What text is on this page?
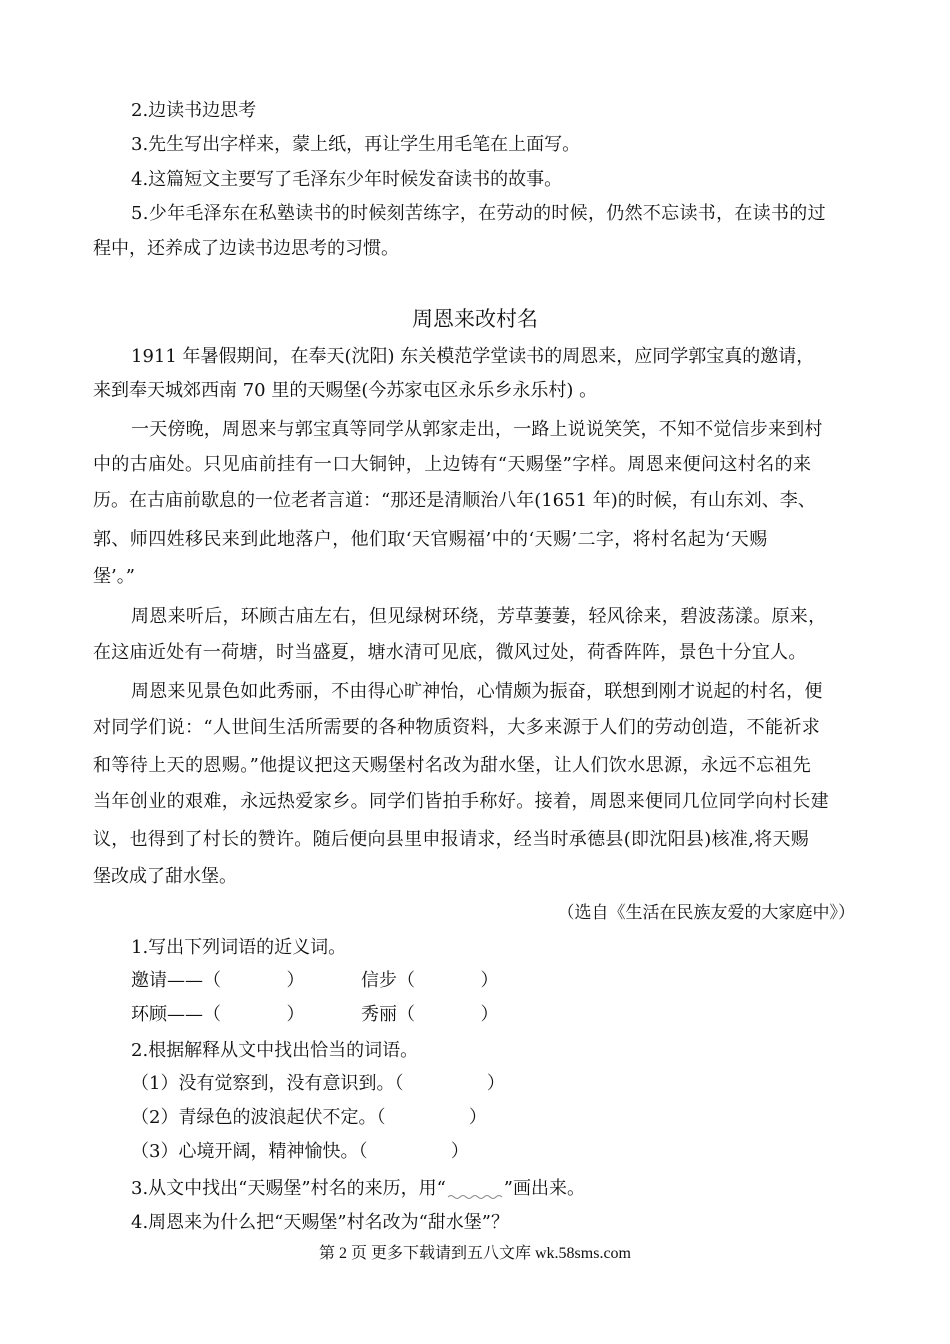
2.边读书边思考
3.先生写出字样来，蒙上纸，再让学生用毛笔在上面写。
4.这篇短文主要写了毛泽东少年时候发奋读书的故事。
5.少年毛泽东在私塾读书的时候刻苦练字，在劳动的时候，仍然不忘读书，在读书的过
程中，还养成了边读书边思考的习惯。
周恩来改村名
1911 年暑假期间，在奉天(沈阳) 东关模范学堂读书的周恩来，应同学郭宝真的邀请，
来到奉天城郊西南 70 里的天赐堡(今苏家屯区永乐乡永乐村) 。
一天傍晚，周恩来与郭宝真等同学从郭家走出，一路上说说笑笑，不知不觉信步来到村
中的古庙处。只见庙前挂有一口大铜钟，上边铸有“天赐堡”字样。周恩来便问这村名的来
历。在古庙前歇息的一位老者言道：“那还是清顺治八年(1651 年)的时候，有山东刘、李、
郭、师四姓移民来到此地落户，他们取‘天官赐福’中的‘天赐’二字，将村名起为‘天赐
堡’。”
周恩来听后，环顾古庙左右，但见绿树环绕，芳草萋萋，轻风徐来，碧波荡漾。原来，
在这庙近处有一荷塘，时当盛夏，塘水清可见底，微风过处，荷香阵阵，景色十分宜人。
周恩来见景色如此秀丽，不由得心旷神怡，心情颇为振奋，联想到刚才说起的村名，便
对同学们说：“人世间生活所需要的各种物质资料，大多来源于人们的劳动创造，不能祈求
和等待上天的恩赐。”他提议把这天赐堡村名改为甜水堡，让人们饮水思源，永远不忘祖先
当年创业的艰难，永远热爱家乡。同学们皆拍手称好。接着，周恩来便同几位同学向村长建
议，也得到了村长的赞许。随后便向县里申报请求，经当时承德县(即沈阳县)核准,将天赐
堡改成了甜水堡。
（选自《生活在民族友爱的大家庭中》）
1.写出下列词语的近义词。
邀请——（	）	信步（	）
环顾——（	）	秀丽（	）
2.根据解释从文中找出恰当的词语。
（1）没有觉察到，没有意识到。（	）
（2）青绿色的波浪起伏不定。（	）
（3）心境开阔，精神愉快。（	）
3.从文中找出“天赐堡”村名的来历，用“	”画出来。
4.周恩来为什么把“天赐堡”村名改为“甜水堡”？
第 2 页 更多下载请到五八文库 wk.58sms.com
